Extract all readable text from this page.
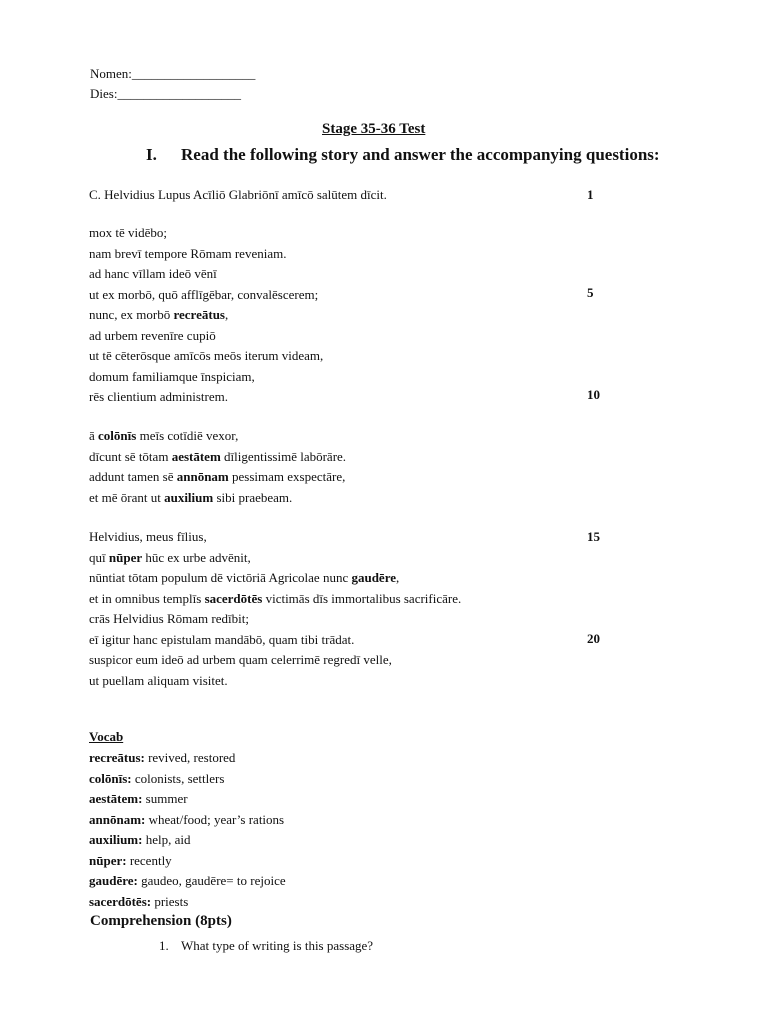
Nomen:___________________
Dies:___________________
Stage 35-36 Test
I. Read the following story and answer the accompanying questions:
C. Helvidius Lupus Acīliō Glabriōnī amīcō salūtem dīcit.	1
mox tē vidēbo;
nam brevī tempore Rōmam reveniam.
ad hanc vīllam ideō vēnī
ut ex morbō, quō afflīgēbar, convalēscerem;
nunc, ex morbō recreātus,
ad urbem revenīre cupiō
ut tē cēterōsque amīcōs meōs iterum videam,
domum familiamque īnspiciam,
rēs clientium administrem.
ā colōnīs meīs cotīdiē vexor,
dīcunt sē tōtam aestātem dīligentissimē labōrāre.
addunt tamen sē annōnam pessimam exspectāre,
et mē ōrant ut auxilium sibi praebeam.
Helvidius, meus fīlius,
quī nūper hūc ex urbe advēnit,
nūntiat tōtam populum dē victōriā Agricolae nunc gaudēre,
et in omnibus templīs sacerdōtēs victimās dīs immortalibus sacrificāre.
crās Helvidius Rōmam redībit;
eī igitur hanc epistulam mandābō, quam tibi trādat.
suspicor eum ideō ad urbem quam celerrimē regredī velle,
ut puellam aliquam visitet.
5
10
15
20
Vocab
recreātus: revived, restored
colōnīs: colonists, settlers
aestātem: summer
annōnam: wheat/food; year’s rations
auxilium: help, aid
nūper: recently
gaudēre: gaudeo, gaudēre= to rejoice
sacerdōtēs: priests
Comprehension (8pts)
1. What type of writing is this passage?
